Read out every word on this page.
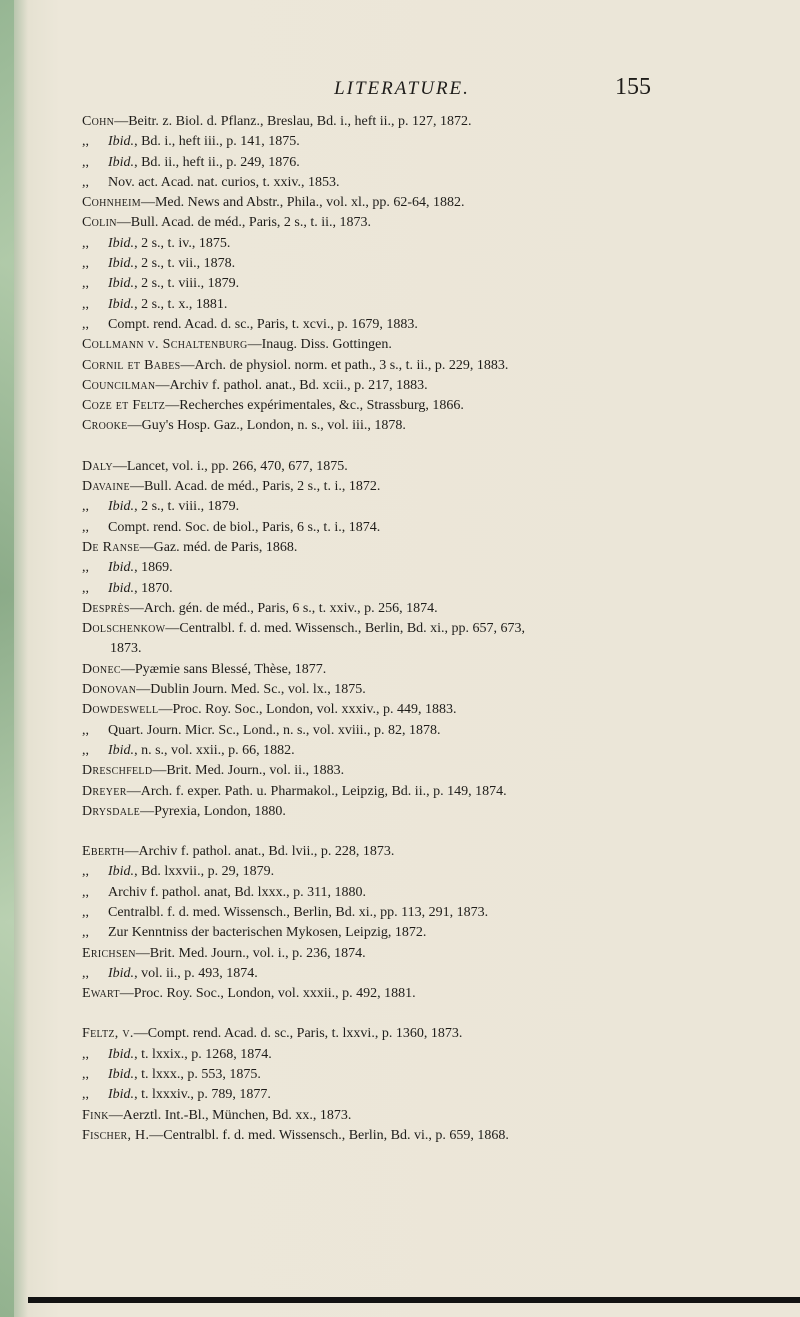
LITERATURE.	155
Cohn—Beitr. z. Biol. d. Pflanz., Breslau, Bd. i., heft ii., p. 127, 1872.
,, Ibid., Bd. i., heft iii., p. 141, 1875.
,, Ibid., Bd. ii., heft ii., p. 249, 1876.
,, Nov. act. Acad. nat. curios, t. xxiv., 1853.
Cohnheim—Med. News and Abstr., Phila., vol. xl., pp. 62-64, 1882.
Colin—Bull. Acad. de méd., Paris, 2 s., t. ii., 1873.
,, Ibid., 2 s., t. iv., 1875.
,, Ibid., 2 s., t. vii., 1878.
,, Ibid., 2 s., t. viii., 1879.
,, Ibid., 2 s., t. x., 1881.
,, Compt. rend. Acad. d. sc., Paris, t. xcvi., p. 1679, 1883.
Collmann v. Schaltenburg—Inaug. Diss. Gottingen.
Cornil et Babes—Arch. de physiol. norm. et path., 3 s., t. ii., p. 229, 1883.
Councilman—Archiv f. pathol. anat., Bd. xcii., p. 217, 1883.
Coze et Feltz—Recherches expérimentales, &c., Strassburg, 1866.
Crooke—Guy's Hosp. Gaz., London, n. s., vol. iii., 1878.
Daly—Lancet, vol. i., pp. 266, 470, 677, 1875.
Davaine—Bull. Acad. de méd., Paris, 2 s., t. i., 1872.
,, Ibid., 2 s., t. viii., 1879.
,, Compt. rend. Soc. de biol., Paris, 6 s., t. i., 1874.
De Ranse—Gaz. méd. de Paris, 1868.
,, Ibid., 1869.
,, Ibid., 1870.
Desprès—Arch. gén. de méd., Paris, 6 s., t. xxiv., p. 256, 1874.
Dolschenkow—Centralbl. f. d. med. Wissensch., Berlin, Bd. xi., pp. 657, 673,
1873.
Donec—Pyæmie sans Blessé, Thèse, 1877.
Donovan—Dublin Journ. Med. Sc., vol. lx., 1875.
Dowdeswell—Proc. Roy. Soc., London, vol. xxxiv., p. 449, 1883.
,, Quart. Journ. Micr. Sc., Lond., n. s., vol. xviii., p. 82, 1878.
,, Ibid., n. s., vol. xxii., p. 66, 1882.
Dreschfeld—Brit. Med. Journ., vol. ii., 1883.
Dreyer—Arch. f. exper. Path. u. Pharmakol., Leipzig, Bd. ii., p. 149, 1874.
Drysdale—Pyrexia, London, 1880.
Eberth—Archiv f. pathol. anat., Bd. lvii., p. 228, 1873.
,, Ibid., Bd. lxxvii., p. 29, 1879.
,, Archiv f. pathol. anat, Bd. lxxx., p. 311, 1880.
,, Centralbl. f. d. med. Wissensch., Berlin, Bd. xi., pp. 113, 291, 1873.
,, Zur Kenntniss der bacterischen Mykosen, Leipzig, 1872.
Erichsen—Brit. Med. Journ., vol. i., p. 236, 1874.
,, Ibid., vol. ii., p. 493, 1874.
Ewart—Proc. Roy. Soc., London, vol. xxxii., p. 492, 1881.
Feltz, v.—Compt. rend. Acad. d. sc., Paris, t. lxxvi., p. 1360, 1873.
,, Ibid., t. lxxix., p. 1268, 1874.
,, Ibid., t. lxxx., p. 553, 1875.
,, Ibid., t. lxxxiv., p. 789, 1877.
Fink—Aerztl. Int.-Bl., München, Bd. xx., 1873.
Fischer, H.—Centralbl. f. d. med. Wissensch., Berlin, Bd. vi., p. 659, 1868.
